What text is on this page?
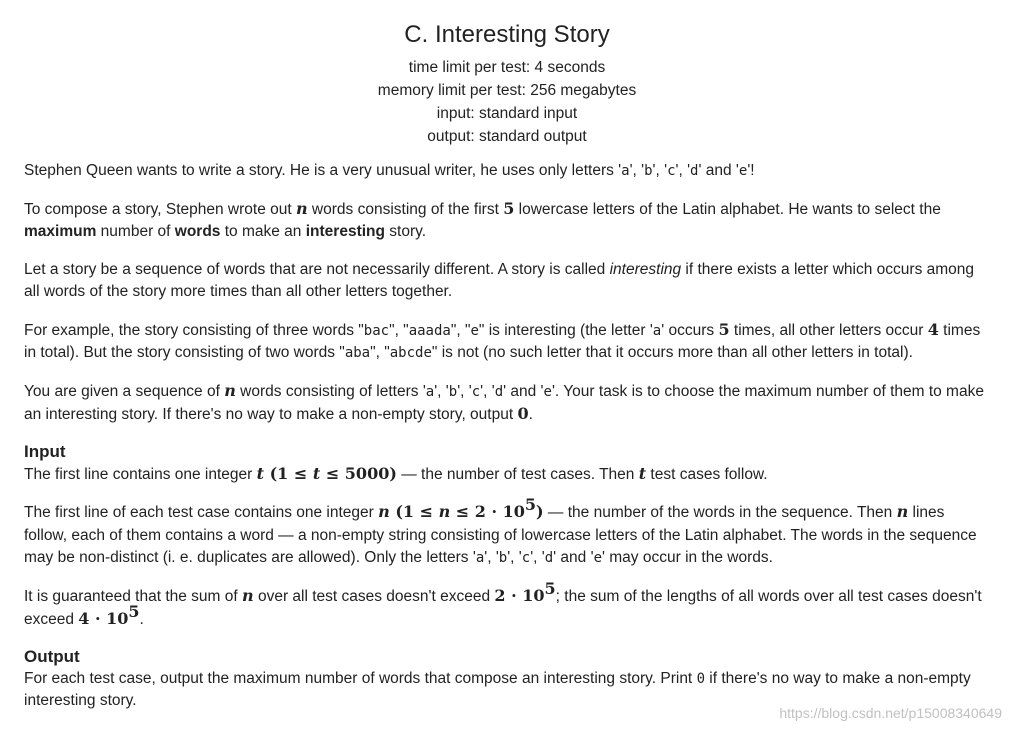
C. Interesting Story
time limit per test: 4 seconds
memory limit per test: 256 megabytes
input: standard input
output: standard output

Stephen Queen wants to write a story. He is a very unusual writer, he uses only letters 'a', 'b', 'c', 'd' and 'e'!

To compose a story, Stephen wrote out n words consisting of the first 5 lowercase letters of the Latin alphabet. He wants to select the maximum number of words to make an interesting story.

Let a story be a sequence of words that are not necessarily different. A story is called interesting if there exists a letter which occurs among all words of the story more times than all other letters together.

For example, the story consisting of three words "bac", "aaada", "e" is interesting (the letter 'a' occurs 5 times, all other letters occur 4 times in total). But the story consisting of two words "aba", "abcde" is not (no such letter that it occurs more than all other letters in total).

You are given a sequence of n words consisting of letters 'a', 'b', 'c', 'd' and 'e'. Your task is to choose the maximum number of them to make an interesting story. If there's no way to make a non-empty story, output 0.

Input

The first line contains one integer t (1 ≤ t ≤ 5000) — the number of test cases. Then t test cases follow.

The first line of each test case contains one integer n $(1 \le n \le 2 \cdot 10^5)$ — the number of the words in the sequence. Then n lines follow, each of them contains a word — a non-empty string consisting of lowercase letters of the Latin alphabet. The words in the sequence may be non-distinct (i. e. duplicates are allowed). Only the letters 'a', 'b', 'c', 'd' and 'e' may occur in the words.

It is guaranteed that the sum of n over all test cases doesn't exceed $2 \cdot 10^5$; the sum of the lengths of all words over all test cases doesn't exceed $4 \cdot 10^5$.

Output

For each test case, output the maximum number of words that compose an interesting story. Print 0 if there's no way to make a non-empty interesting story.

https://blog.csdn.net/p15008340649
